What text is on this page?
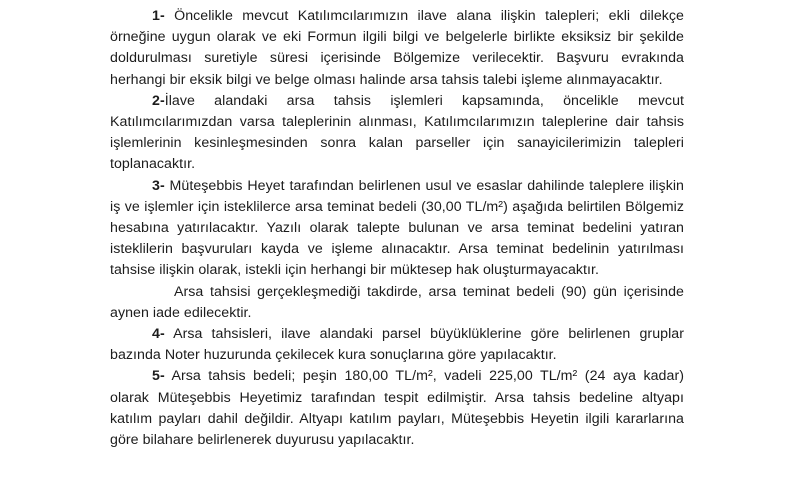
1- Öncelikle mevcut Katılımcılarımızın ilave alana ilişkin talepleri; ekli dilekçe örneğine uygun olarak ve eki Formun ilgili bilgi ve belgelerle birlikte eksiksiz bir şekilde doldurulması suretiyle süresi içerisinde Bölgemize verilecektir. Başvuru evrakında herhangi bir eksik bilgi ve belge olması halinde arsa tahsis talebi işleme alınmayacaktır.

2-İlave alandaki arsa tahsis işlemleri kapsamında, öncelikle mevcut Katılımcılarımızdan varsa taleplerinin alınması, Katılımcılarımızın taleplerine dair tahsis işlemlerinin kesinleşmesinden sonra kalan parseller için sanayicilerimizin talepleri toplanacaktır.

3- Müteşebbis Heyet tarafından belirlenen usul ve esaslar dahilinde taleplere ilişkin iş ve işlemler için isteklilerce arsa teminat bedeli (30,00 TL/m²) aşağıda belirtilen Bölgemiz hesabına yatırılacaktır. Yazılı olarak talepte bulunan ve arsa teminat bedelini yatıran isteklilerin başvuruları kayda ve işleme alınacaktır. Arsa teminat bedelinin yatırılması tahsise ilişkin olarak, istekli için herhangi bir müktesep hak oluşturmayacaktır.

Arsa tahsisi gerçekleşmediği takdirde, arsa teminat bedeli (90) gün içerisinde aynen iade edilecektir.

4- Arsa tahsisleri, ilave alandaki parsel büyüklüklerine göre belirlenen gruplar bazında Noter huzurunda çekilecek kura sonuçlarına göre yapılacaktır.

5- Arsa tahsis bedeli; peşin 180,00 TL/m², vadeli 225,00 TL/m² (24 aya kadar) olarak Müteşebbis Heyetimiz tarafından tespit edilmiştir. Arsa tahsis bedeline altyapı katılım payları dahil değildir. Altyapı katılım payları, Müteşebbis Heyetin ilgili kararlarına göre bilahare belirlenerek duyurusu yapılacaktır.
